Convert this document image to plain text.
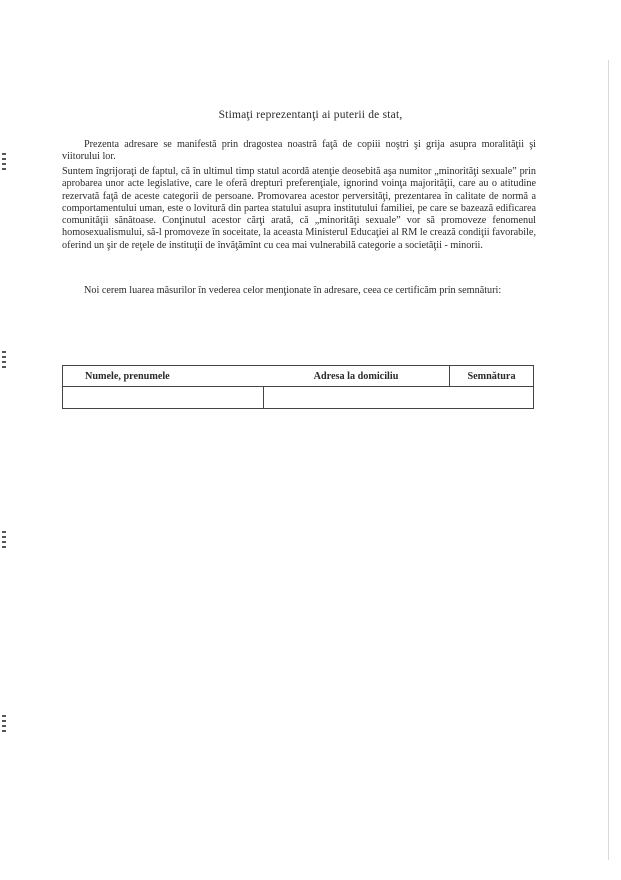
Stimaţi reprezentanţi ai puterii de stat,

Prezenta adresare se manifestă prin dragostea noastră faţă de copiii noştri şi grija asupra moralităţii şi viitorului lor.

Suntem îngrijoraţi de faptul, că în ultimul timp statul acordă atenţie deosebită aşa numitor „minorităţi sexuale” prin aprobarea unor acte legislative, care le oferă drepturi preferenţiale, ignorind voinţa majorităţii, care au o atitudine rezervată faţă de aceste categorii de persoane. Promovarea acestor perversităţi, prezentarea în calitate de normă a comportamentului uman, este o lovitură din partea statului asupra institutului familiei, pe care se bazează edificarea comunităţii sănătoase. Conţinutul acestor cărţi arată, că „minorităţi sexuale” vor să promoveze fenomenul homosexualismului, să-l promoveze în soceitate, la aceasta Ministerul Educaţiei al RM le crează condiţii favorabile, oferind un şir de reţele de instituţii de învăţămînt cu cea mai vulnerabilă categorie a societăţii - minorii.

Noi cerem luarea măsurilor în vederea celor menţionate în adresare, ceea ce certificăm prin semnături:

Numele, prenumele	Adresa la domiciliu	Semnătura
